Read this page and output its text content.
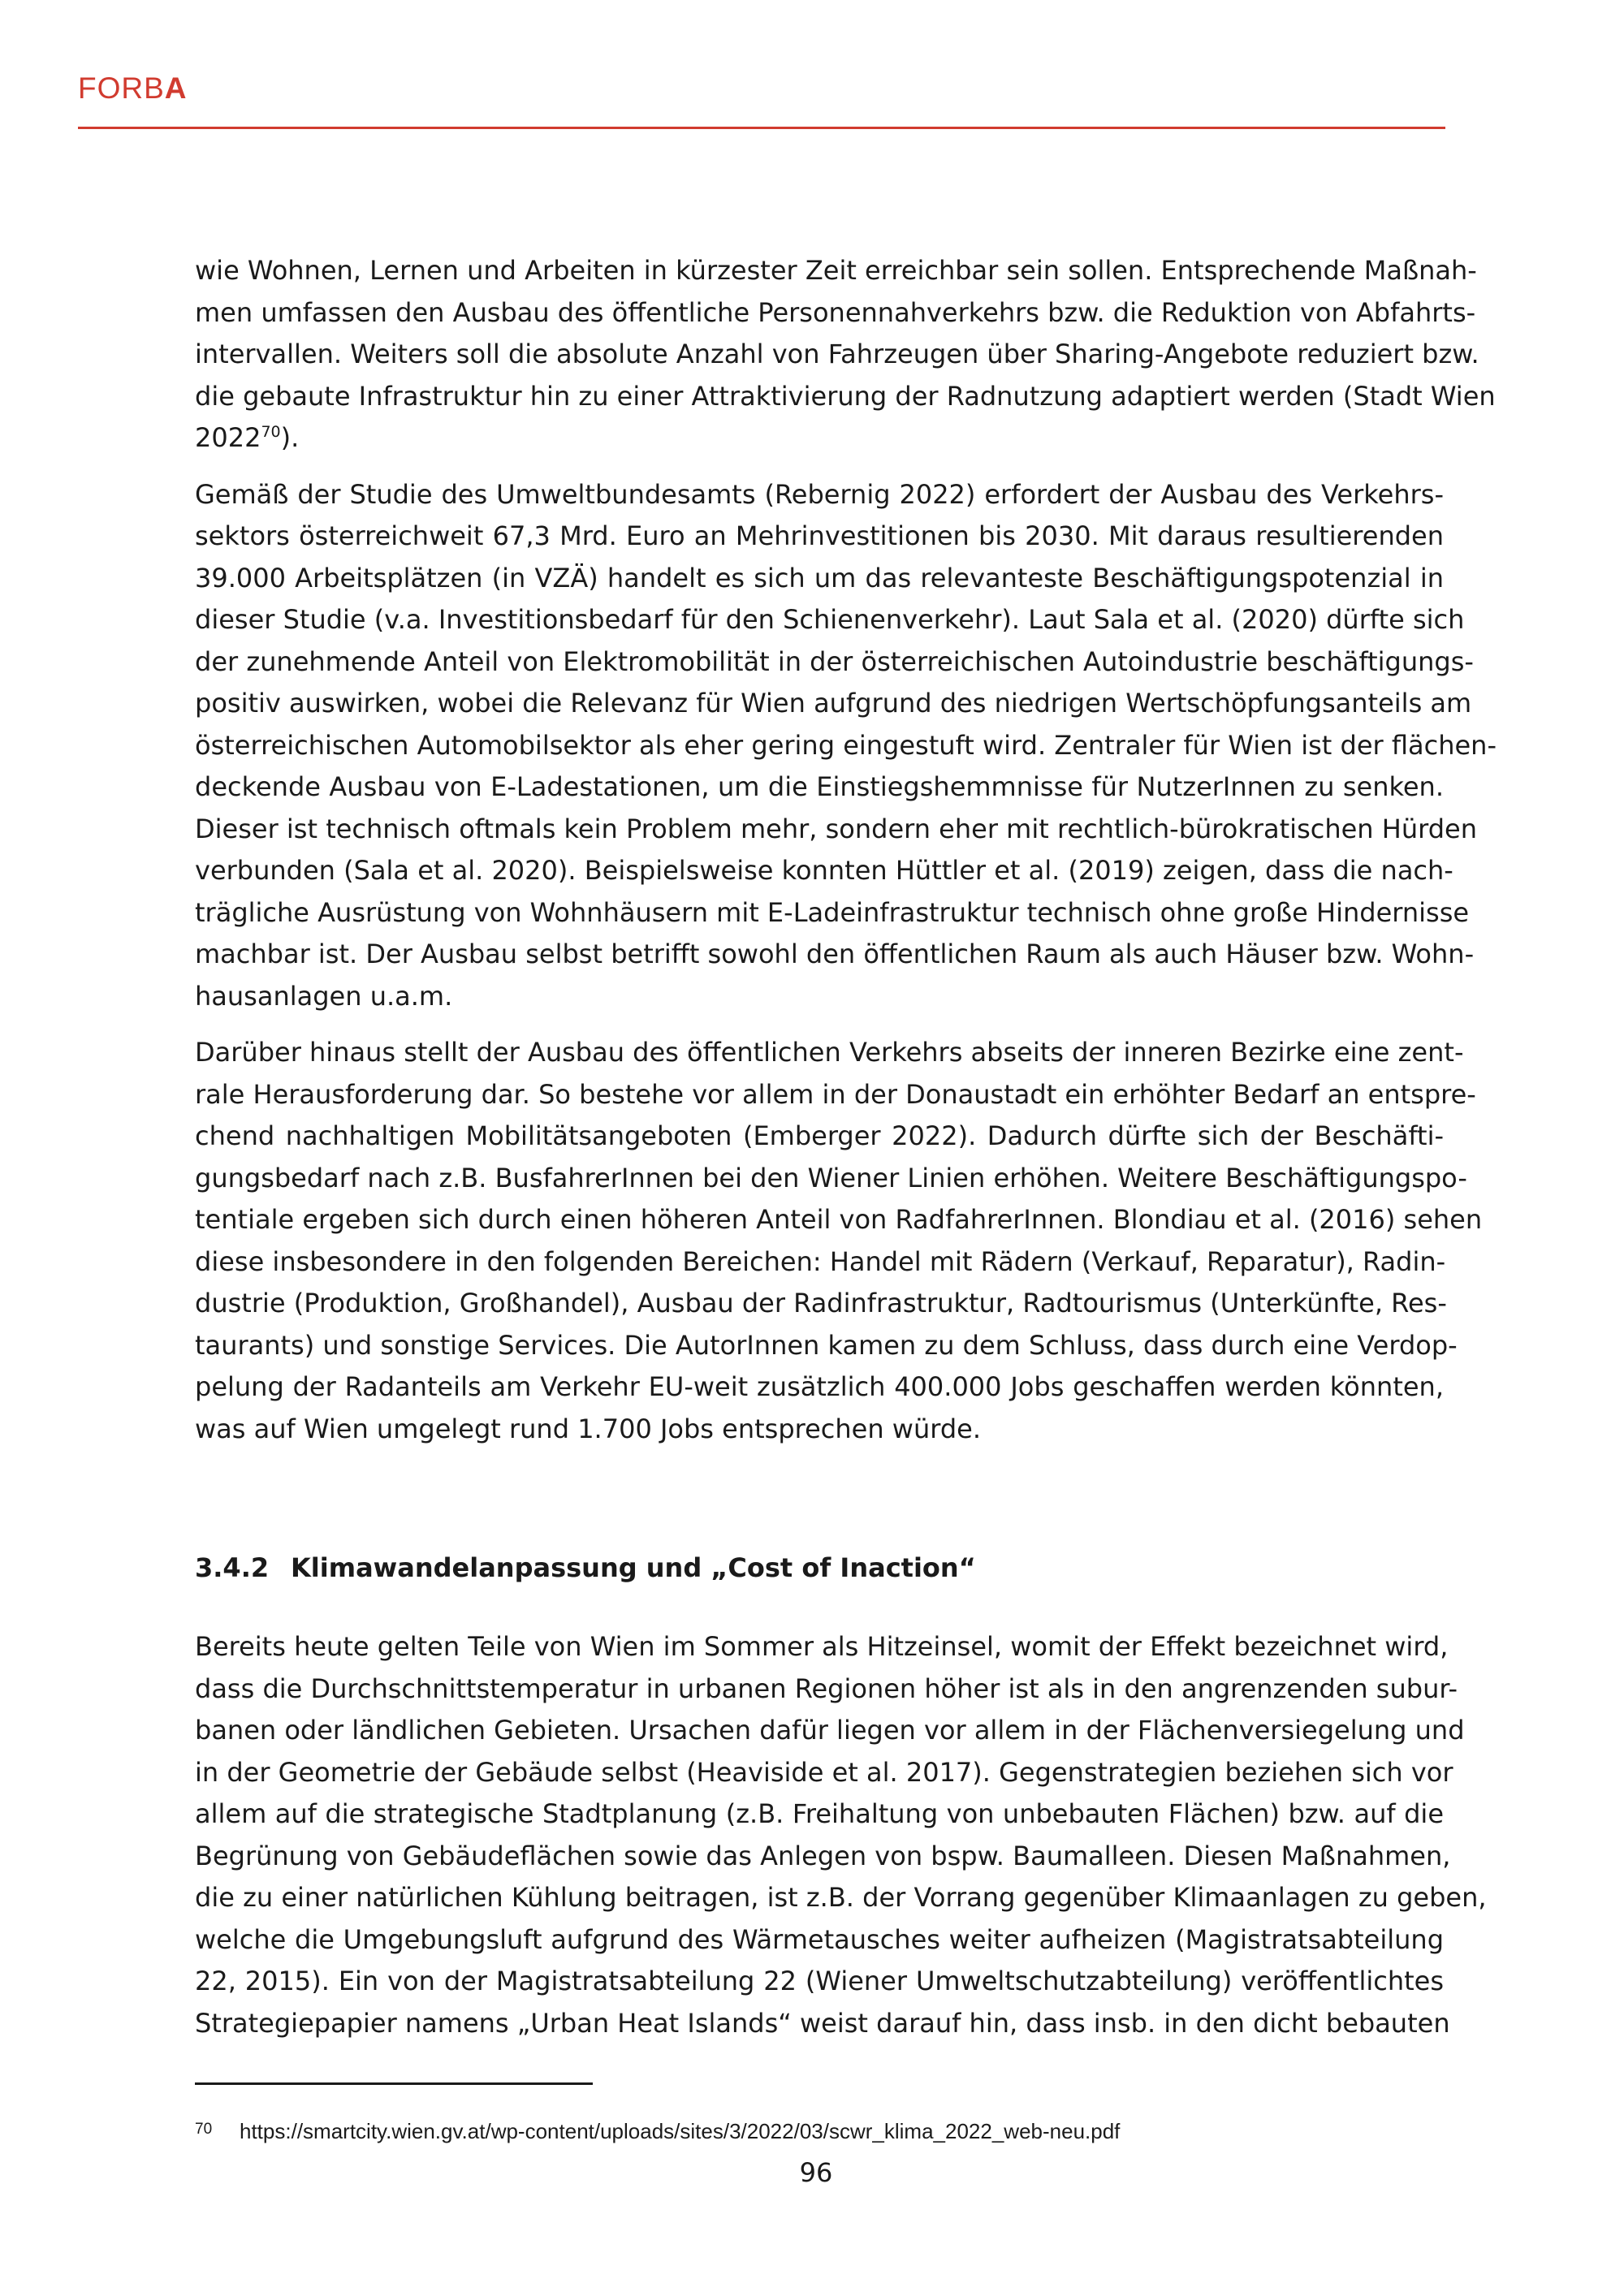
FORBA
wie Wohnen, Lernen und Arbeiten in kürzester Zeit erreichbar sein sollen. Entsprechende Maßnah-
men umfassen den Ausbau des öffentliche Personennahverkehrs bzw. die Reduktion von Abfahrts-
intervallen. Weiters soll die absolute Anzahl von Fahrzeugen über Sharing-Angebote reduziert bzw.
die gebaute Infrastruktur hin zu einer Attraktivierung der Radnutzung adaptiert werden (Stadt Wien
2022$^{70}$).
Gemäß der Studie des Umweltbundesamts (Rebernig 2022) erfordert der Ausbau des Verkehrs-
sektors österreichweit 67,3 Mrd. Euro an Mehrinvestitionen bis 2030. Mit daraus resultierenden
39.000 Arbeitsplätzen (in VZÄ) handelt es sich um das relevanteste Beschäftigungspotenzial in
dieser Studie (v.a. Investitionsbedarf für den Schienenverkehr). Laut Sala et al. (2020) dürfte sich
der zunehmende Anteil von Elektromobilität in der österreichischen Autoindustrie beschäftigungs-
positiv auswirken, wobei die Relevanz für Wien aufgrund des niedrigen Wertschöpfungsanteils am
österreichischen Automobilsektor als eher gering eingestuft wird. Zentraler für Wien ist der flächen-
deckende Ausbau von E-Ladestationen, um die Einstiegshemmnisse für NutzerInnen zu senken.
Dieser ist technisch oftmals kein Problem mehr, sondern eher mit rechtlich-bürokratischen Hürden
verbunden (Sala et al. 2020). Beispielsweise konnten Hüttler et al. (2019) zeigen, dass die nach-
trägliche Ausrüstung von Wohnhäusern mit E-Ladeinfrastruktur technisch ohne große Hindernisse
machbar ist. Der Ausbau selbst betrifft sowohl den öffentlichen Raum als auch Häuser bzw. Wohn-
hausanlagen u.a.m.
Darüber hinaus stellt der Ausbau des öffentlichen Verkehrs abseits der inneren Bezirke eine zent-
rale Herausforderung dar. So bestehe vor allem in der Donaustadt ein erhöhter Bedarf an entspre-
chend nachhaltigen Mobilitätsangeboten (Emberger 2022). Dadurch dürfte sich der Beschäfti-
gungsbedarf nach z.B. BusfahrerInnen bei den Wiener Linien erhöhen. Weitere Beschäftigungspo-
tentiale ergeben sich durch einen höheren Anteil von RadfahrerInnen. Blondiau et al. (2016) sehen
diese insbesondere in den folgenden Bereichen: Handel mit Rädern (Verkauf, Reparatur), Radin-
dustrie (Produktion, Großhandel), Ausbau der Radinfrastruktur, Radtourismus (Unterkünfte, Res-
taurants) und sonstige Services. Die AutorInnen kamen zu dem Schluss, dass durch eine Verdop-
pelung der Radanteils am Verkehr EU-weit zusätzlich 400.000 Jobs geschaffen werden könnten,
was auf Wien umgelegt rund 1.700 Jobs entsprechen würde.
3.4.2 Klimawandelanpassung und „Cost of Inaction“
Bereits heute gelten Teile von Wien im Sommer als Hitzeinsel, womit der Effekt bezeichnet wird,
dass die Durchschnittstemperatur in urbanen Regionen höher ist als in den angrenzenden subur-
banen oder ländlichen Gebieten. Ursachen dafür liegen vor allem in der Flächenversiegelung und
in der Geometrie der Gebäude selbst (Heaviside et al. 2017). Gegenstrategien beziehen sich vor
allem auf die strategische Stadtplanung (z.B. Freihaltung von unbebauten Flächen) bzw. auf die
Begrünung von Gebäudeflächen sowie das Anlegen von bspw. Baumalleen. Diesen Maßnahmen,
die zu einer natürlichen Kühlung beitragen, ist z.B. der Vorrang gegenüber Klimaanlagen zu geben,
welche die Umgebungsluft aufgrund des Wärmetausches weiter aufheizen (Magistratsabteilung
22, 2015). Ein von der Magistratsabteilung 22 (Wiener Umweltschutzabteilung) veröffentlichtes
Strategiepapier namens „Urban Heat Islands“ weist darauf hin, dass insb. in den dicht bebauten
70 https://smartcity.wien.gv.at/wp-content/uploads/sites/3/2022/03/scwr_klima_2022_web-neu.pdf
96
